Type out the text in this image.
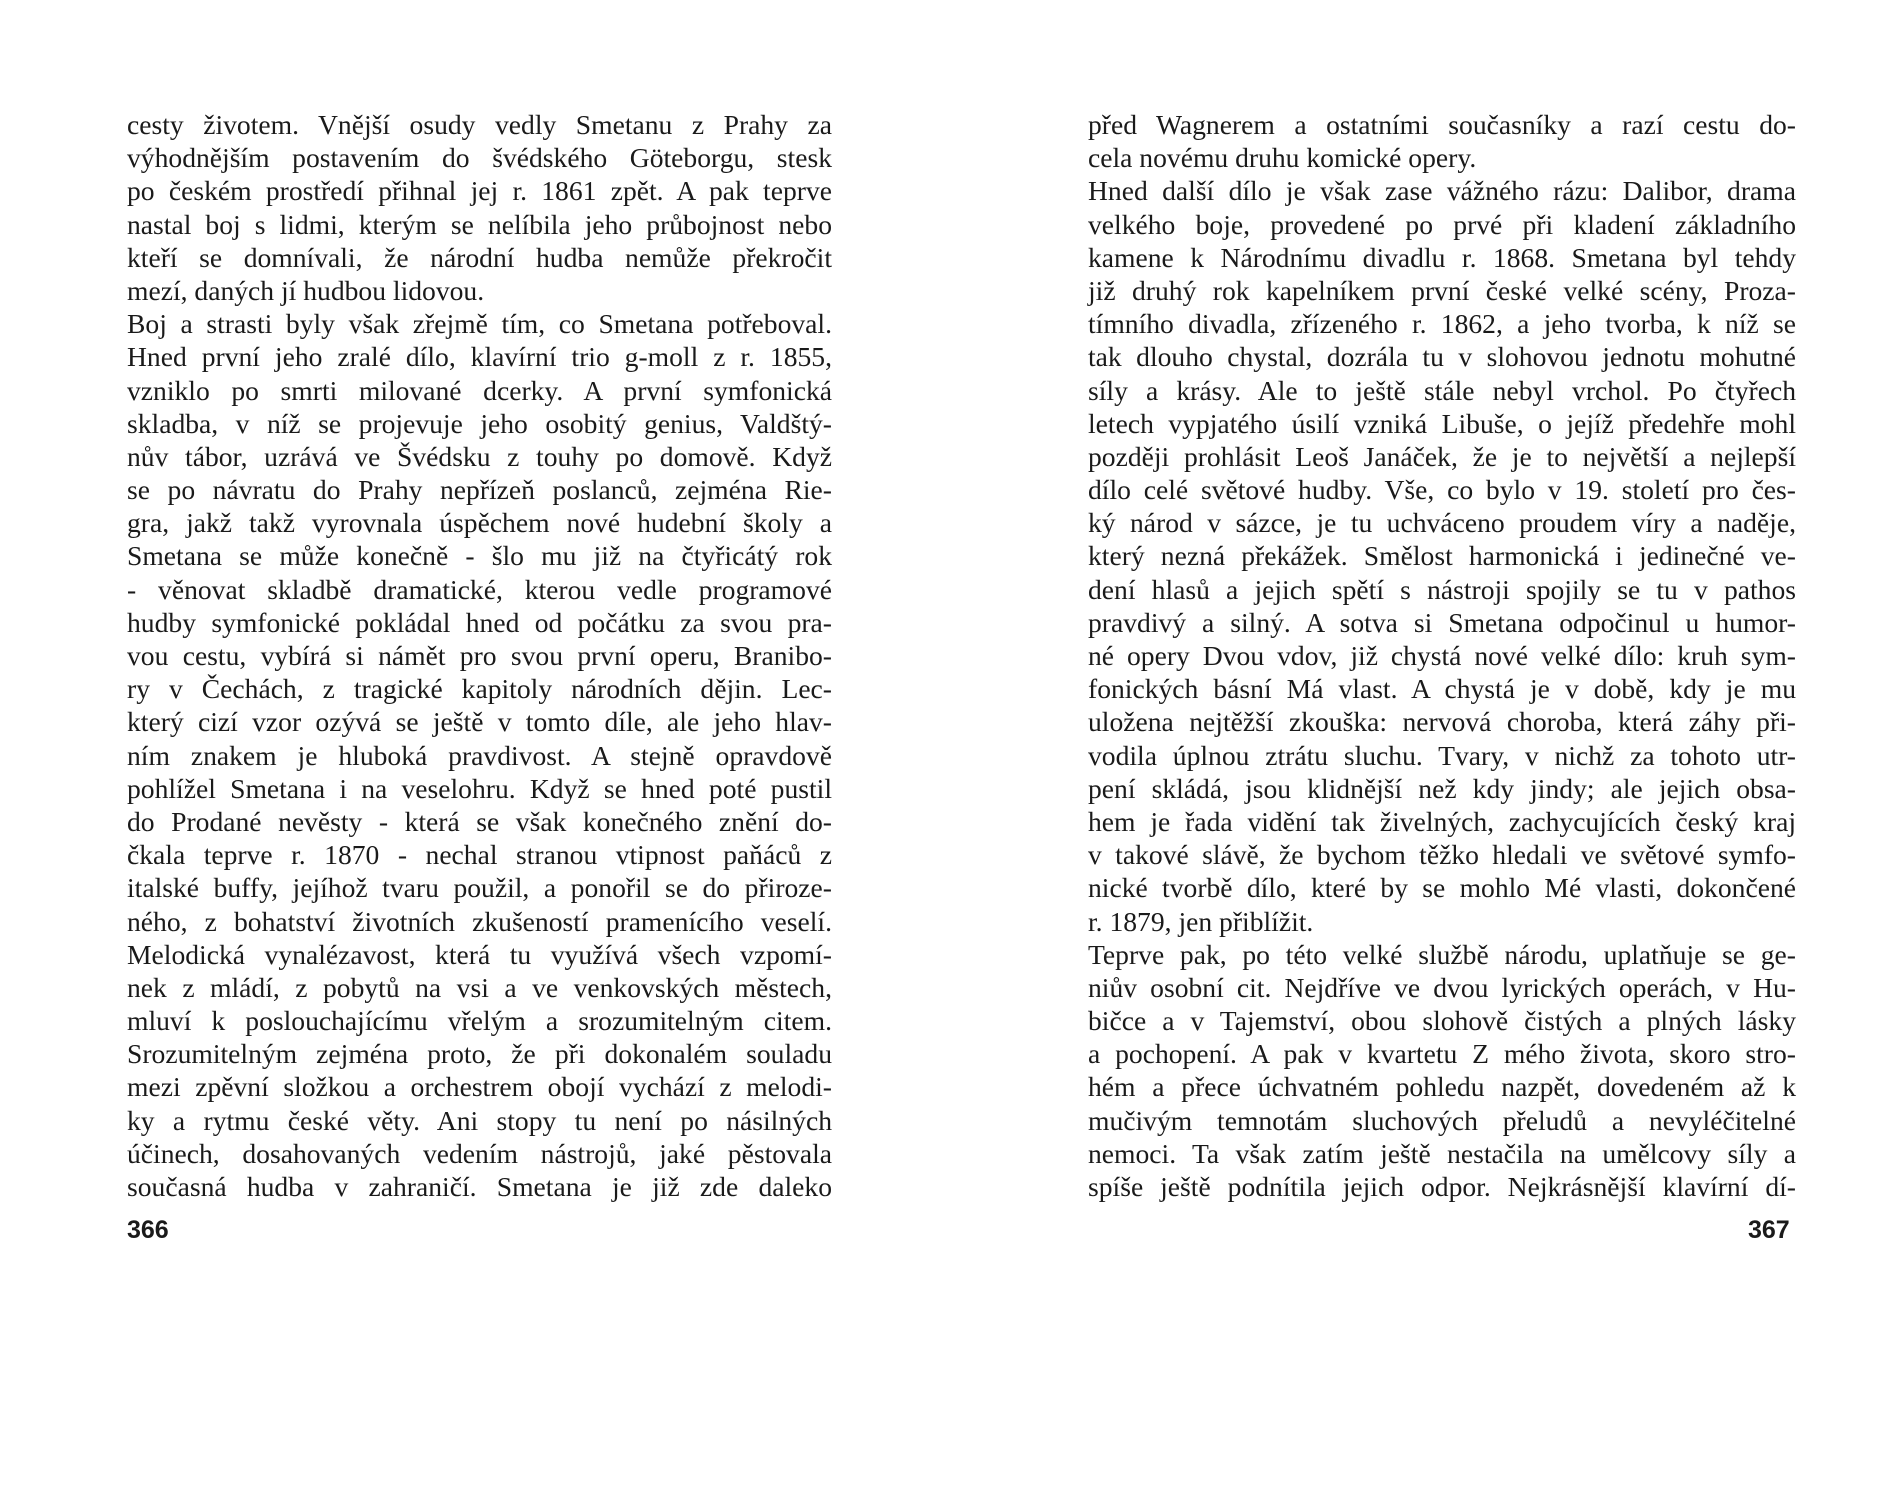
cesty životem. Vnější osudy vedly Smetanu z Prahy za
výhodnějším postavením do švédského Göteborgu, stesk
po českém prostředí přihnal jej r. 1861 zpět. A pak teprve
nastal boj s lidmi, kterým se nelíbila jeho průbojnost nebo
kteří se domnívali, že národní hudba nemůže překročit
mezí, daných jí hudbou lidovou.
Boj a strasti byly však zřejmě tím, co Smetana potřeboval.
Hned první jeho zralé dílo, klavírní trio g-moll z r. 1855,
vzniklo po smrti milované dcerky. A první symfonická
skladba, v níž se projevuje jeho osobitý genius, Valdštý-
nův tábor, uzrává ve Švédsku z touhy po domově. Když
se po návratu do Prahy nepřízeň poslanců, zejména Rie-
gra, jakž takž vyrovnala úspěchem nové hudební školy a
Smetana se může konečně - šlo mu již na čtyřicátý rok
- věnovat skladbě dramatické, kterou vedle programové
hudby symfonické pokládal hned od počátku za svou pra-
vou cestu, vybírá si námět pro svou první operu, Branibo-
ry v Čechách, z tragické kapitoly národních dějin. Lec-
který cizí vzor ozývá se ještě v tomto díle, ale jeho hlav-
ním znakem je hluboká pravdivost. A stejně opravdově
pohlížel Smetana i na veselohru. Když se hned poté pustil
do Prodané nevěsty - která se však konečného znění do-
čkala teprve r. 1870 - nechal stranou vtipnost paňáců z
italské buffy, jejíhož tvaru použil, a ponořil se do přiroze-
ného, z bohatství životních zkušeností pramenícího veselí.
Melodická vynalézavost, která tu využívá všech vzpomí-
nek z mládí, z pobytů na vsi a ve venkovských městech,
mluví k poslouchajícímu vřelým a srozumitelným citem.
Srozumitelným zejména proto, že při dokonalém souladu
mezi zpěvní složkou a orchestrem obojí vychází z melodi-
ky a rytmu české věty. Ani stopy tu není po násilných
účinech, dosahovaných vedením nástrojů, jaké pěstovala
současná hudba v zahraničí. Smetana je již zde daleko
před Wagnerem a ostatními současníky a razí cestu do-
cela novému druhu komické opery.
Hned další dílo je však zase vážného rázu: Dalibor, drama
velkého boje, provedené po prvé při kladení základního
kamene k Národnímu divadlu r. 1868. Smetana byl tehdy
již druhý rok kapelníkem první české velké scény, Proza-
tímního divadla, zřízeného r. 1862, a jeho tvorba, k níž se
tak dlouho chystal, dozrála tu v slohovou jednotu mohutné
síly a krásy. Ale to ještě stále nebyl vrchol. Po čtyřech
letech vypjatého úsilí vzniká Libuše, o jejíž předehře mohl
později prohlásit Leoš Janáček, že je to největší a nejlepší
dílo celé světové hudby. Vše, co bylo v 19. století pro čes-
ký národ v sázce, je tu uchváceno proudem víry a naděje,
který nezná překážek. Smělost harmonická i jedinečné ve-
dení hlasů a jejich spětí s nástroji spojily se tu v pathos
pravdivý a silný. A sotva si Smetana odpočinul u humor-
né opery Dvou vdov, již chystá nové velké dílo: kruh sym-
fonických básní Má vlast. A chystá je v době, kdy je mu
uložena nejtěžší zkouška: nervová choroba, která záhy při-
vodila úplnou ztrátu sluchu. Tvary, v nichž za tohoto utr-
pení skládá, jsou klidnější než kdy jindy; ale jejich obsa-
hem je řada vidění tak živelných, zachycujících český kraj
v takové slávě, že bychom těžko hledali ve světové symfo-
nické tvorbě dílo, které by se mohlo Mé vlasti, dokončené
r. 1879, jen přiblížit.
Teprve pak, po této velké službě národu, uplatňuje se ge-
niův osobní cit. Nejdříve ve dvou lyrických operách, v Hu-
bičce a v Tajemství, obou slohově čistých a plných lásky
a pochopení. A pak v kvartetu Z mého života, skoro stro-
hém a přece úchvatném pohledu nazpět, dovedeném až k
mučivým temnotám sluchových přeludů a nevyléčitelné
nemoci. Ta však zatím ještě nestačila na umělcovy síly a
spíše ještě podnítila jejich odpor. Nejkrásnější klavírní dí-
366	367
